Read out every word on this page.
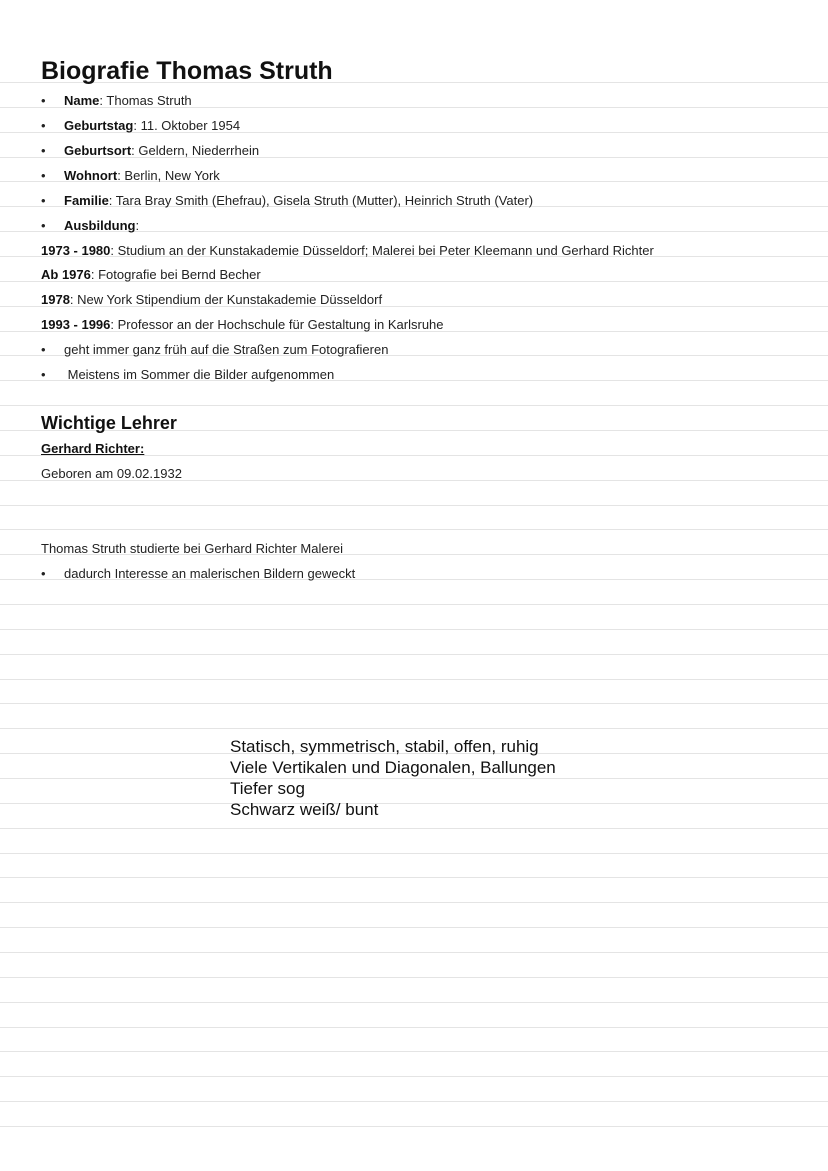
Biografie Thomas Struth
• Name: Thomas Struth
• Geburtstag: 11. Oktober 1954
• Geburtsort: Geldern, Niederrhein
• Wohnort: Berlin, New York
• Familie: Tara Bray Smith (Ehefrau), Gisela Struth (Mutter), Heinrich Struth (Vater)
• Ausbildung:
1973 - 1980: Studium an der Kunstakademie Düsseldorf; Malerei bei Peter Kleemann und Gerhard Richter
Ab 1976: Fotografie bei Bernd Becher
1978: New York Stipendium der Kunstakademie Düsseldorf
1993 - 1996: Professor an der Hochschule für Gestaltung in Karlsruhe
• geht immer ganz früh auf die Straßen zum Fotografieren
• Meistens im Sommer die Bilder aufgenommen
Wichtige Lehrer
Gerhard Richter:
Geboren am 09.02.1932
Thomas Struth studierte bei Gerhard Richter Malerei
• dadurch Interesse an malerischen Bildern geweckt
Statisch, symmetrisch, stabil, offen, ruhig
Viele Vertikalen und Diagonalen, Ballungen
Tiefer sog
Schwarz weiß/ bunt
